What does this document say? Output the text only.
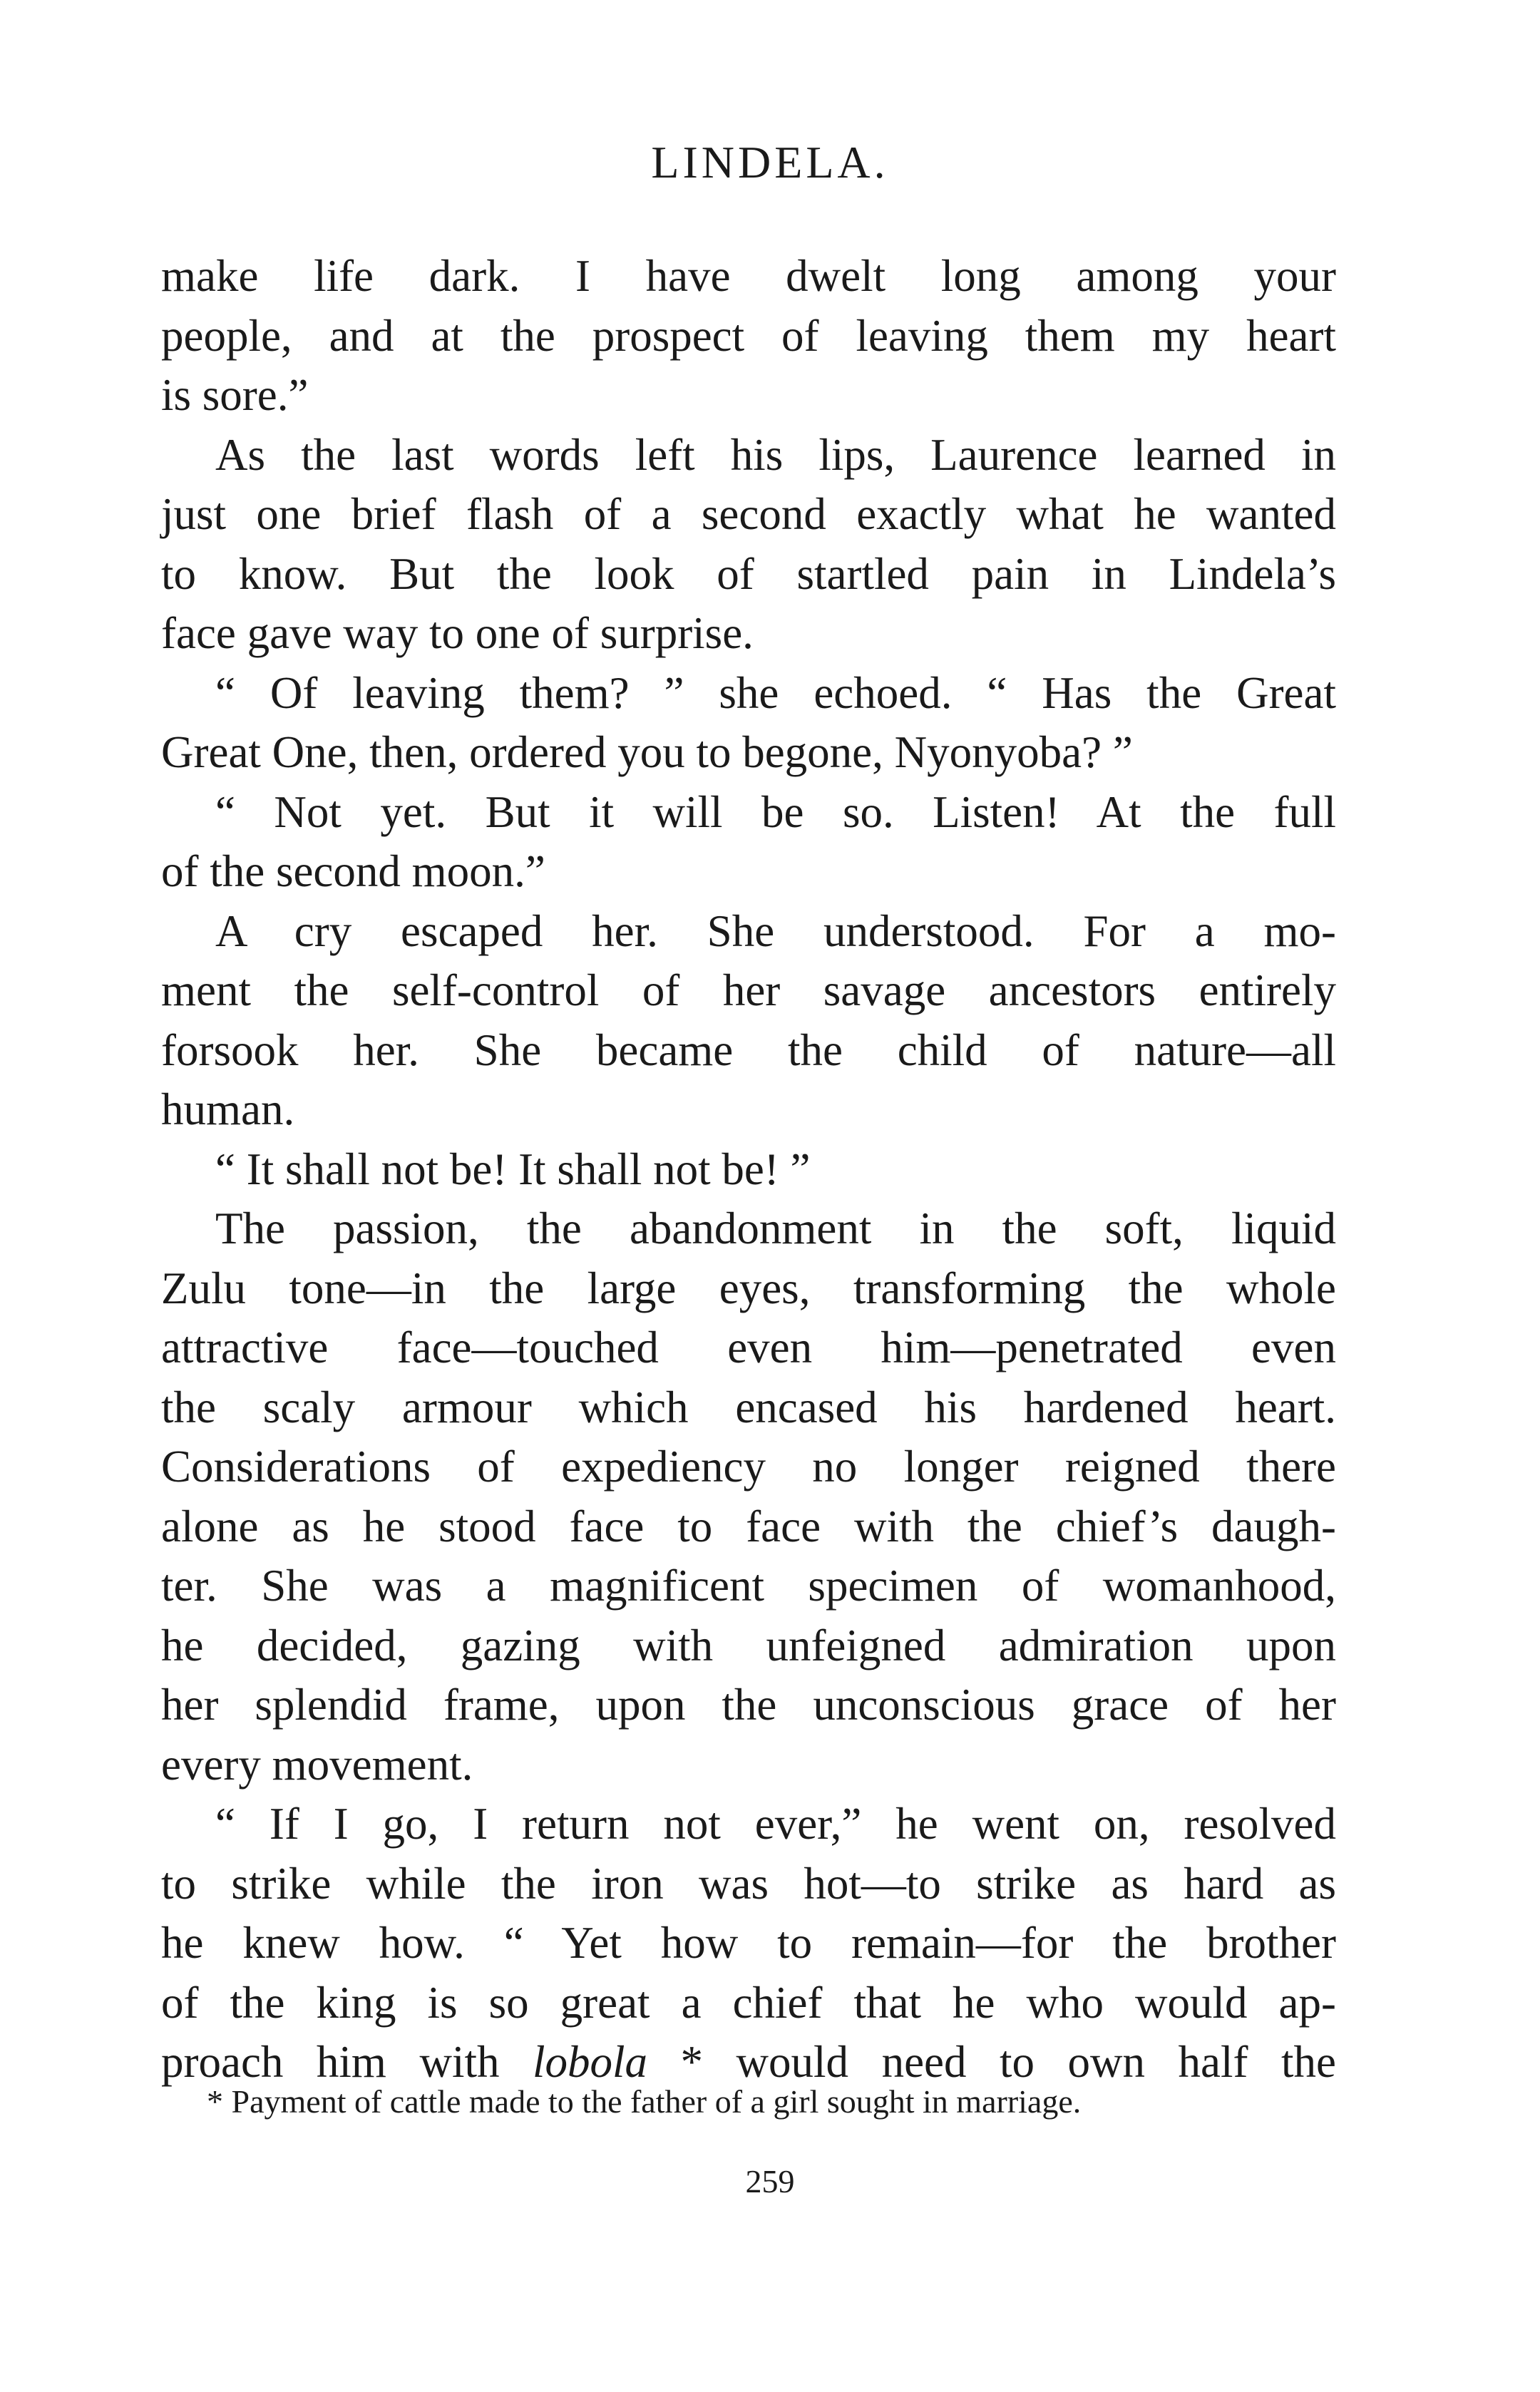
LINDELA.
make life dark. I have dwelt long among your
people, and at the prospect of leaving them my heart
is sore.”
As the last words left his lips, Laurence learned in
just one brief flash of a second exactly what he wanted
to know. But the look of startled pain in Lindela’s
face gave way to one of surprise.
“ Of leaving them? ” she echoed. “ Has the Great
Great One, then, ordered you to begone, Nyonyoba? ”
“ Not yet. But it will be so. Listen! At the full
of the second moon.”
A cry escaped her. She understood. For a mo-
ment the self-control of her savage ancestors entirely
forsook her. She became the child of nature—all
human.
“ It shall not be! It shall not be! ”
The passion, the abandonment in the soft, liquid
Zulu tone—in the large eyes, transforming the whole
attractive face—touched even him—penetrated even
the scaly armour which encased his hardened heart.
Considerations of expediency no longer reigned there
alone as he stood face to face with the chief’s daugh-
ter. She was a magnificent specimen of womanhood,
he decided, gazing with unfeigned admiration upon
her splendid frame, upon the unconscious grace of her
every movement.
“ If I go, I return not ever,” he went on, resolved
to strike while the iron was hot—to strike as hard as
he knew how. “ Yet how to remain—for the brother
of the king is so great a chief that he who would ap-
proach him with lobola * would need to own half the
* Payment of cattle made to the father of a girl sought in marriage.
259
